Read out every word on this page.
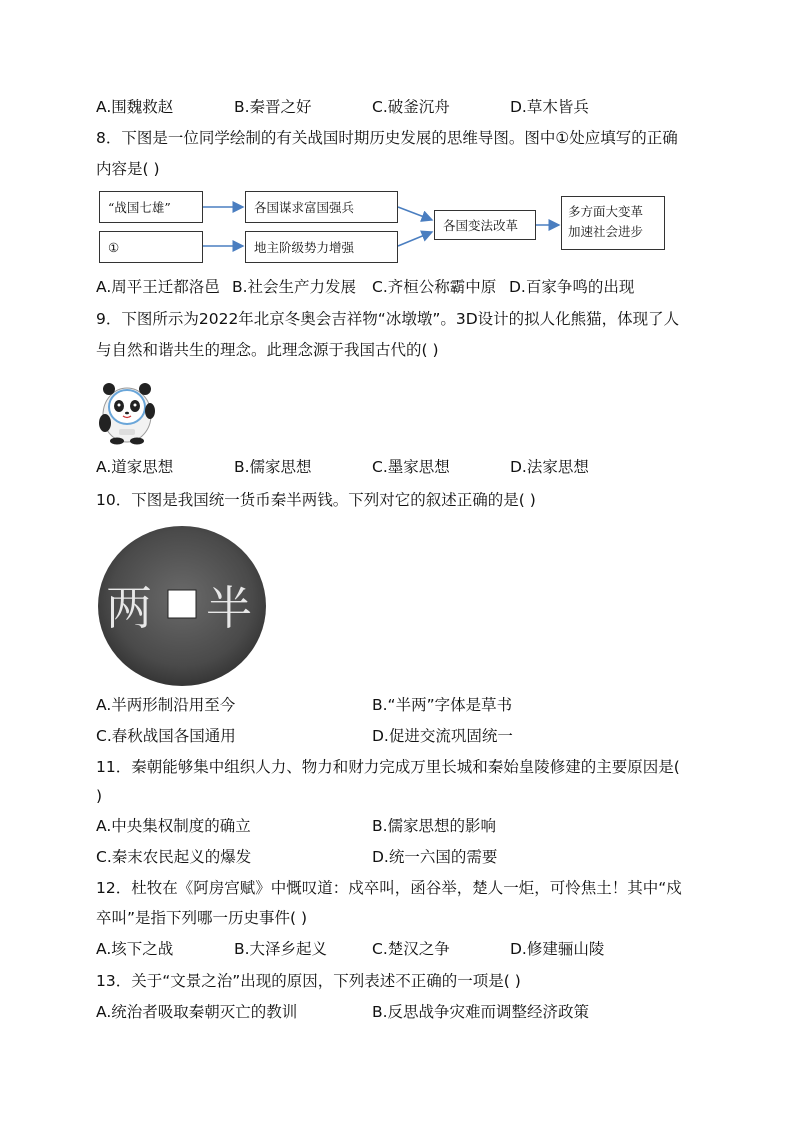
A.围魏救赵	B.秦晋之好	C.破釜沉舟	D.草木皆兵
8．下图是一位同学绘制的有关战国时期历史发展的思维导图。图中①处应填写的正确
内容是( )
“战国七雄”	各国谋求富国强兵
①	地主阶级势力增强
各国变法改革
多方面大变革
加速社会进步
A.周平王迁都洛邑 B.社会生产力发展 C.齐桓公称霸中原 D.百家争鸣的出现
9．下图所示为2022年北京冬奥会吉祥物“冰墩墩”。3D设计的拟人化熊猫，体现了人
与自然和谐共生的理念。此理念源于我国古代的( )
A.道家思想	B.儒家思想	C.墨家思想	D.法家思想
10．下图是我国统一货币秦半两钱。下列对它的叙述正确的是( )
两 半
A.半两形制沿用至今	B.“半两”字体是草书
C.春秋战国各国通用	D.促进交流巩固统一
11．秦朝能够集中组织人力、物力和财力完成万里长城和秦始皇陵修建的主要原因是(
)
A.中央集权制度的确立	B.儒家思想的影响
C.秦末农民起义的爆发	D.统一六国的需要
12．杜牧在《阿房宫赋》中慨叹道：戍卒叫，函谷举，楚人一炬，可怜焦土！其中“戍
卒叫”是指下列哪一历史事件( )
A.垓下之战	B.大泽乡起义	C.楚汉之争	D.修建骊山陵
13．关于“文景之治”出现的原因，下列表述不正确的一项是( )
A.统治者吸取秦朝灭亡的教训	B.反思战争灾难而调整经济政策
